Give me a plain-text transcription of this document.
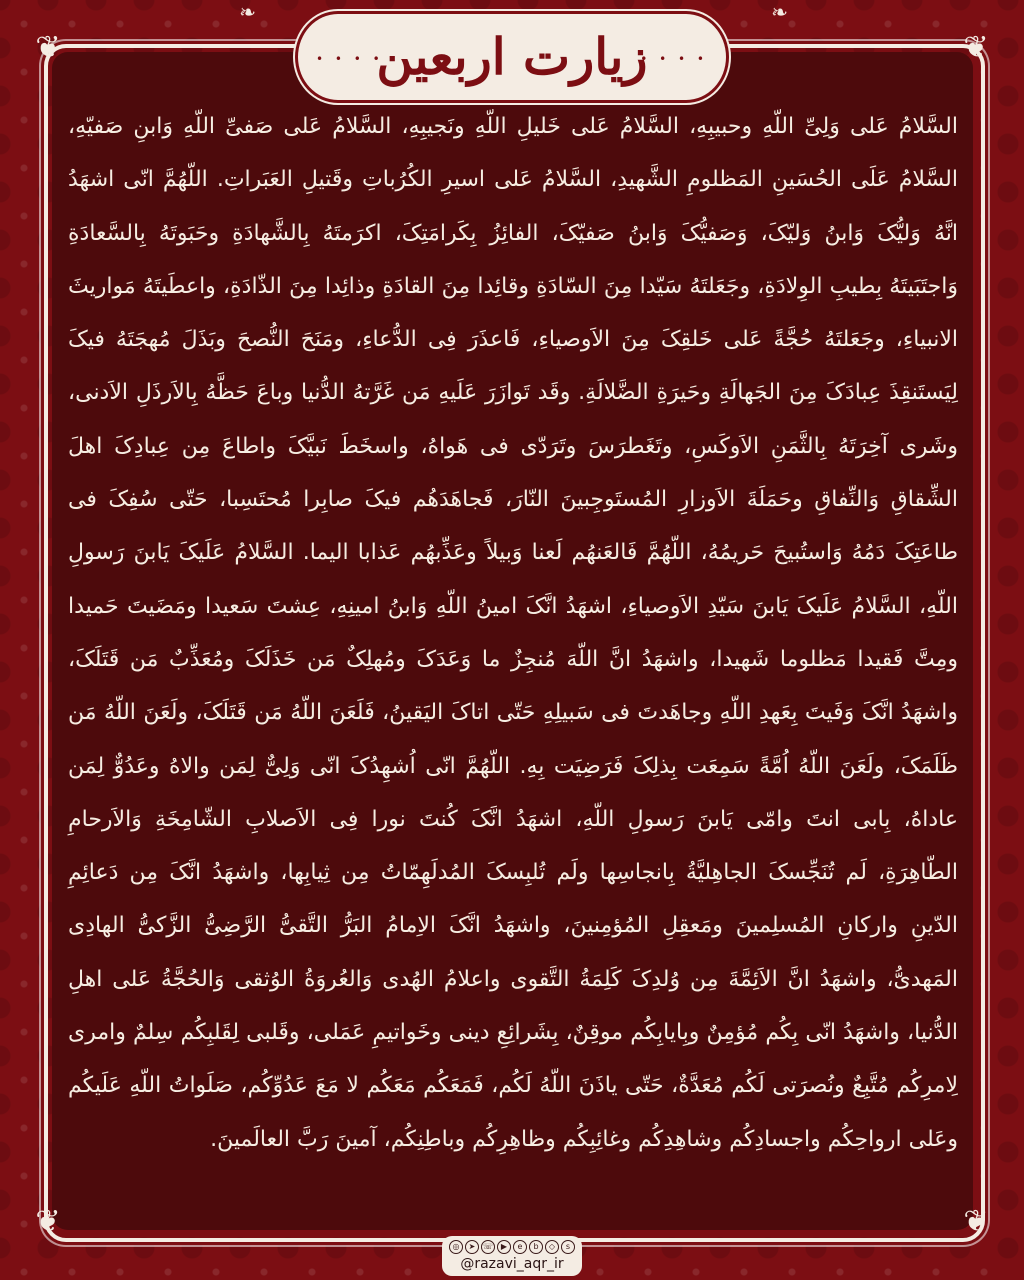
❦	❦
❦	❦
❧	❧
• • • •
زیارت اربعین
• • • •

السَّلامُ عَلی وَلِیِّ اللّهِ وحبیبِهِ، السَّلامُ عَلی خَلیلِ اللّهِ ونَجیبِهِ، السَّلامُ عَلی صَفیِّ اللّهِ وَابنِ صَفیّهِ، السَّلامُ عَلَی الحُسَینِ المَظلومِ الشَّهیدِ، السَّلامُ عَلی اسیرِ الکُرُباتِ وقَتیلِ العَبَراتِ. اللّهُمَّ انّی اشهَدُ انَّهُ وَلیُّکَ وَابنُ وَلیّکَ، وَصَفیُّکَ وَابنُ صَفیّکَ، الفائِزُ بِکَرامَتِکَ، اکرَمتَهُ بِالشَّهادَةِ وحَبَوتَهُ بِالسَّعادَةِ وَاجتَبَیتَهُ بِطیبِ الوِلادَةِ، وجَعَلتَهُ سَیّدا مِنَ السّادَةِ وقائِدا مِنَ القادَةِ وذائِدا مِنَ الذّادَةِ، واعطَیتَهُ مَواریثَ الانبیاءِ، وجَعَلتَهُ حُجَّةً عَلی خَلقِکَ مِنَ الاَوصیاءِ، فَاعذَرَ فِی الدُّعاءِ، ومَنَحَ النُّصحَ وبَذَلَ مُهجَتَهُ فیکَ لِیَستَنقِذَ عِبادَکَ مِنَ الجَهالَةِ وحَیرَةِ الضَّلالَةِ. وقَد تَوازَرَ عَلَیهِ مَن غَرَّتهُ الدُّنیا وباعَ حَظَّهُ بِالاَرذَلِ الاَدنی، وشَری آخِرَتَهُ بِالثَّمَنِ الاَوکَسِ، وتَغَطرَسَ وتَرَدّی فی هَواهُ، واسخَطَ نَبیَّکَ واطاعَ مِن عِبادِکَ اهلَ الشِّقاقِ وَالنِّفاقِ وحَمَلَةَ الاَوزارِ المُستَوجِبینَ النّارَ، فَجاهَدَهُم فیکَ صابِرا مُحتَسِبا، حَتّی سُفِکَ فی طاعَتِکَ دَمُهُ وَاستُبیحَ حَریمُهُ، اللّهُمَّ فَالعَنهُم لَعنا وَبیلاً وعَذِّبهُم عَذابا الیما. السَّلامُ عَلَیکَ یَابنَ رَسولِ اللّهِ، السَّلامُ عَلَیکَ یَابنَ سَیّدِ الاَوصیاءِ، اشهَدُ انَّکَ امینُ اللّهِ وَابنُ امینِهِ، عِشتَ سَعیدا ومَضَیتَ حَمیدا ومِتَّ فَقیدا مَظلوما شَهیدا، واشهَدُ انَّ اللّهَ مُنجِزٌ ما وَعَدَکَ ومُهلِکٌ مَن خَذَلَکَ ومُعَذِّبٌ مَن قَتَلَکَ، واشهَدُ انَّکَ وَفَیتَ بِعَهدِ اللّهِ وجاهَدتَ فی سَبیلِهِ حَتّی اتاکَ الیَقینُ، فَلَعَنَ اللّهُ مَن قَتَلَکَ، ولَعَنَ اللّهُ مَن ظَلَمَکَ، ولَعَنَ اللّهُ اُمَّةً سَمِعَت بِذلِکَ فَرَضِیَت بِهِ. اللّهُمَّ انّی اُشهِدُکَ انّی وَلِیٌّ لِمَن والاهُ وعَدُوٌّ لِمَن عاداهُ، بِابی انتَ وامّی یَابنَ رَسولِ اللّهِ، اشهَدُ انَّکَ کُنتَ نورا فِی الاَصلابِ الشّامِخَةِ وَالاَرحامِ الطّاهِرَةِ، لَم تُنَجِّسکَ الجاهِلیَّةُ بِانجاسِها ولَم تُلبِسکَ المُدلَهِمّاتُ مِن ثِیابِها، واشهَدُ انَّکَ مِن دَعائِمِ الدّینِ وارکانِ المُسلِمینَ ومَعقِلِ المُؤمِنینَ، واشهَدُ انَّکَ الاِمامُ البَرُّ التَّقیُّ الرَّضِیُّ الزَّکیُّ الهادِی المَهدیُّ، واشهَدُ انَّ الاَئِمَّةَ مِن وُلدِکَ کَلِمَةُ التَّقوی واعلامُ الهُدی وَالعُروَةُ الوُثقی وَالحُجَّةُ عَلی اهلِ الدُّنیا، واشهَدُ انّی بِکُم مُؤمِنٌ وبِایابِکُم موقِنٌ، بِشَرائِعِ دینی وخَواتیمِ عَمَلی، وقَلبی لِقَلبِکُم سِلمٌ وامری لِامرِکُم مُتَّبِعٌ ونُصرَتی لَکُم مُعَدَّةٌ، حَتّی یاذَنَ اللّهُ لَکُم، فَمَعَکُم مَعَکُم لا مَعَ عَدُوِّکُم، صَلَواتُ اللّهِ عَلَیکُم وعَلی ارواحِکُم واجسادِکُم وشاهِدِکُم وغائِبِکُم وظاهِرِکُم وباطِنِکُم، آمینَ رَبَّ العالَمینَ.

◎	➤ ☏ ▶	e	b	◇	s
@razavi_aqr_ir
